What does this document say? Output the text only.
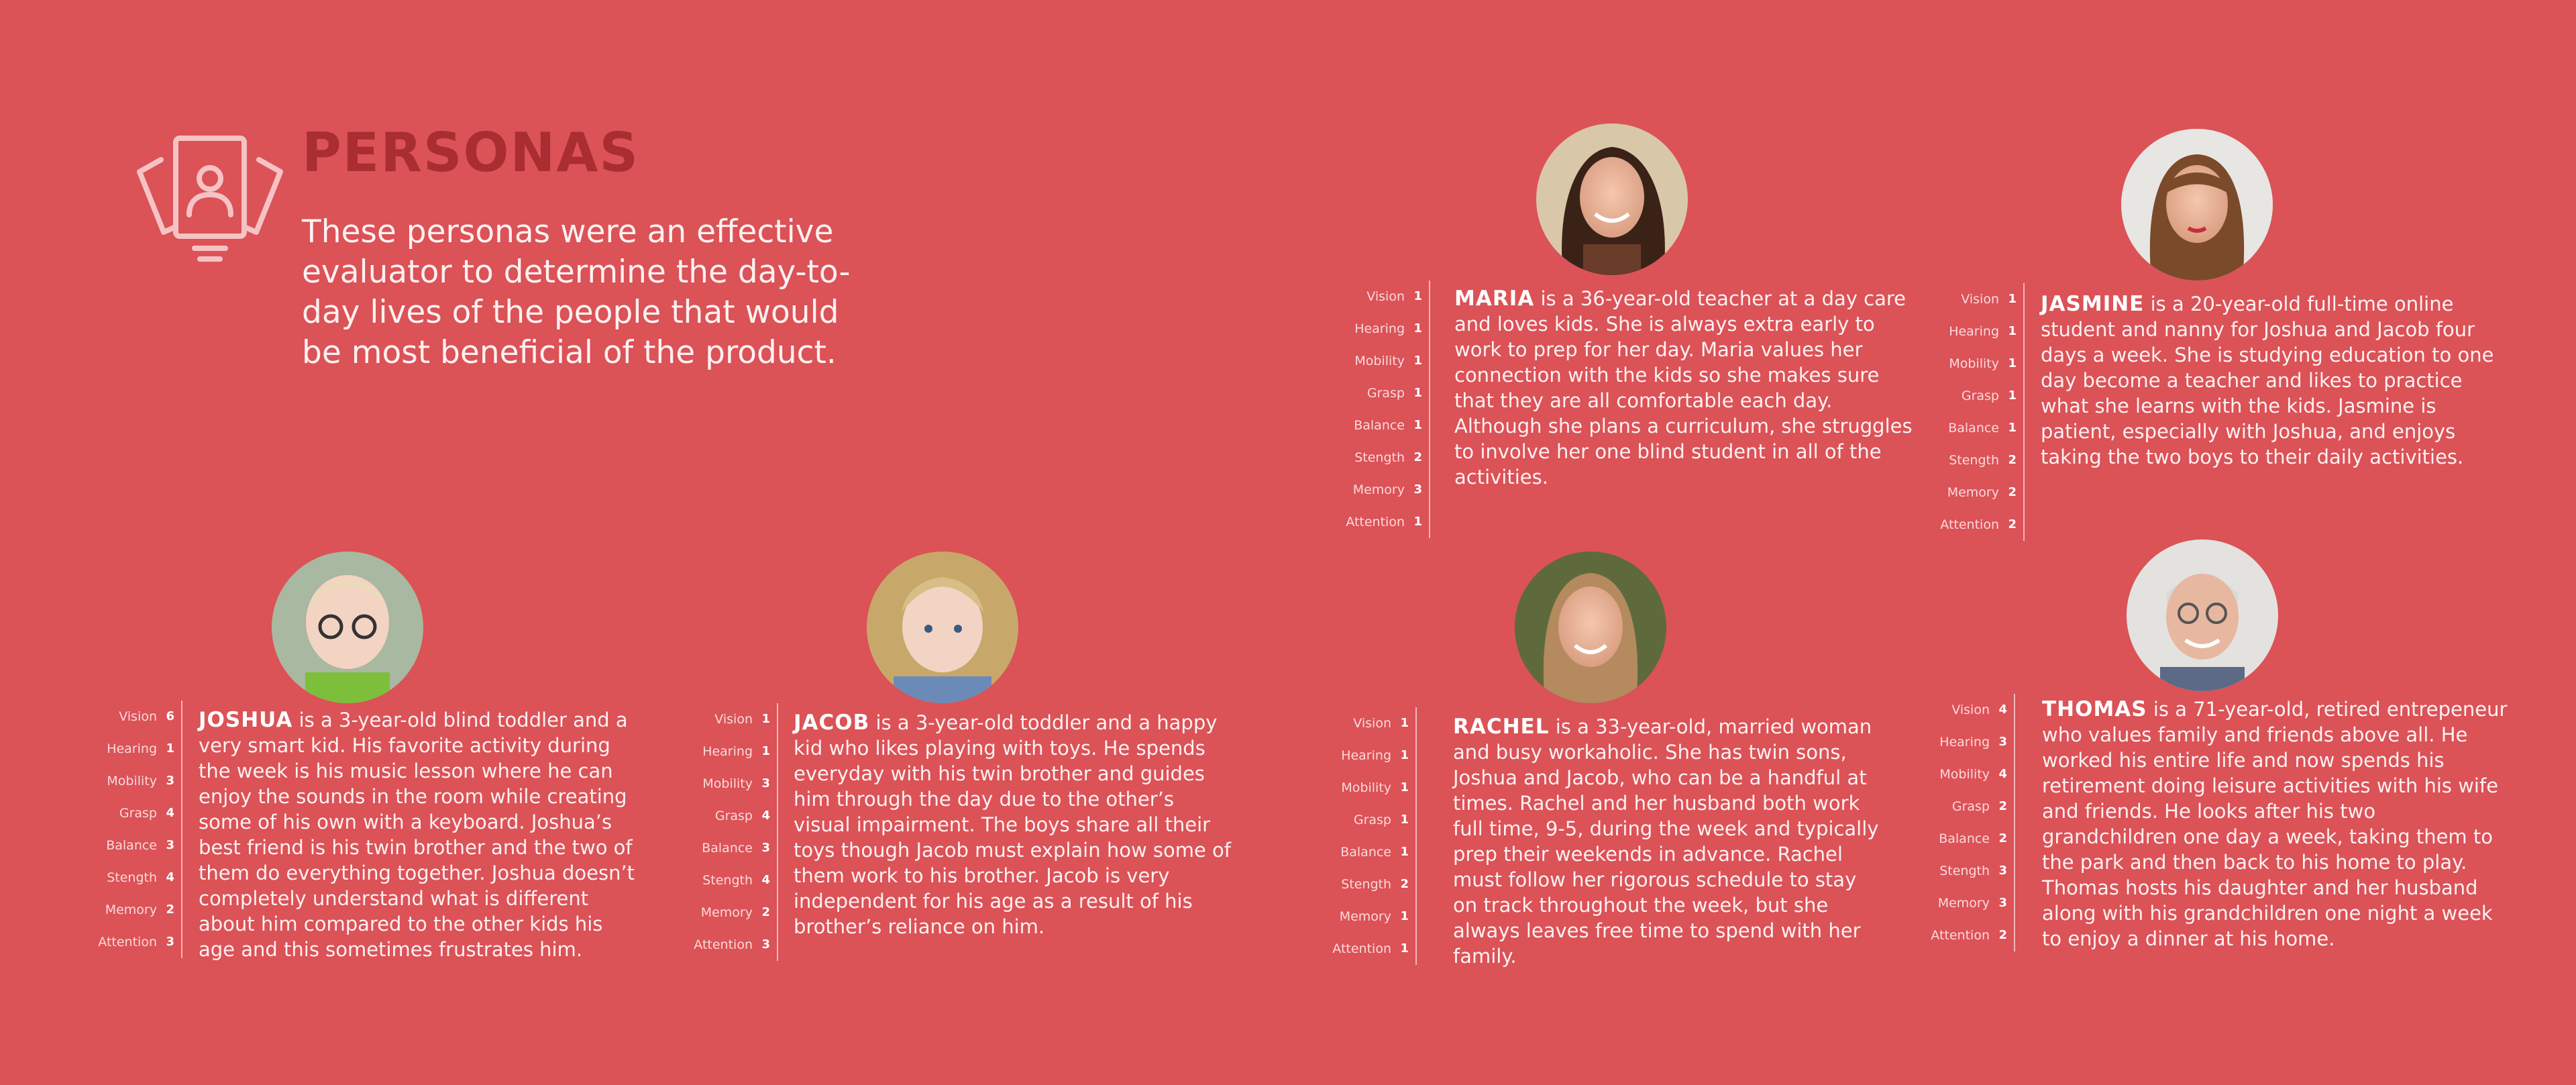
PERSONAS
These personas were an effective evaluator to determine the day-to-day lives of the people that would be most beneficial of the product.
Vision 1
Hearing 1
Mobility 1
Grasp 1
Balance 1
Stength 2
Memory 3
Attention 1
MARIA is a 36-year-old teacher at a day care and loves kids. She is always extra early to work to prep for her day. Maria values her connection with the kids so she makes sure that they are all comfortable each day. Although she plans a curriculum, she struggles to involve her one blind student in all of the activities.
Vision 1
Hearing 1
Mobility 1
Grasp 1
Balance 1
Stength 2
Memory 2
Attention 2
JASMINE is a 20-year-old full-time online student and nanny for Joshua and Jacob four days a week. She is studying education to one day become a teacher and likes to practice what she learns with the kids. Jasmine is patient, especially with Joshua, and enjoys taking the two boys to their daily activities.
Vision 6
Hearing 1
Mobility 3
Grasp 4
Balance 3
Stength 4
Memory 2
Attention 3
JOSHUA is a 3-year-old blind toddler and a very smart kid. His favorite activity during the week is his music lesson where he can enjoy the sounds in the room while creating some of his own with a keyboard. Joshua’s best friend is his twin brother and the two of them do everything together. Joshua doesn’t completely understand what is different about him compared to the other kids his age and this sometimes frustrates him.
Vision 1
Hearing 1
Mobility 3
Grasp 4
Balance 3
Stength 4
Memory 2
Attention 3
JACOB is a 3-year-old toddler and a happy kid who likes playing with toys. He spends everyday with his twin brother and guides him through the day due to the other’s visual impairment. The boys share all their toys though Jacob must explain how some of them work to his brother. Jacob is very independent for his age as a result of his brother’s reliance on him.
Vision 1
Hearing 1
Mobility 1
Grasp 1
Balance 1
Stength 2
Memory 1
Attention 1
RACHEL is a 33-year-old, married woman and busy workaholic. She has twin sons, Joshua and Jacob, who can be a handful at times. Rachel and her husband both work full time, 9-5, during the week and typically prep their weekends in advance. Rachel must follow her rigorous schedule to stay on track throughout the week, but she always leaves free time to spend with her family.
Vision 4
Hearing 3
Mobility 4
Grasp 2
Balance 2
Stength 3
Memory 3
Attention 2
THOMAS is a 71-year-old, retired entrepeneur who values family and friends above all. He worked his entire life and now spends his retirement doing leisure activities with his wife and friends. He looks after his two grandchildren one day a week, taking them to the park and then back to his home to play. Thomas hosts his daughter and her husband along with his grandchildren one night a week to enjoy a dinner at his home.
